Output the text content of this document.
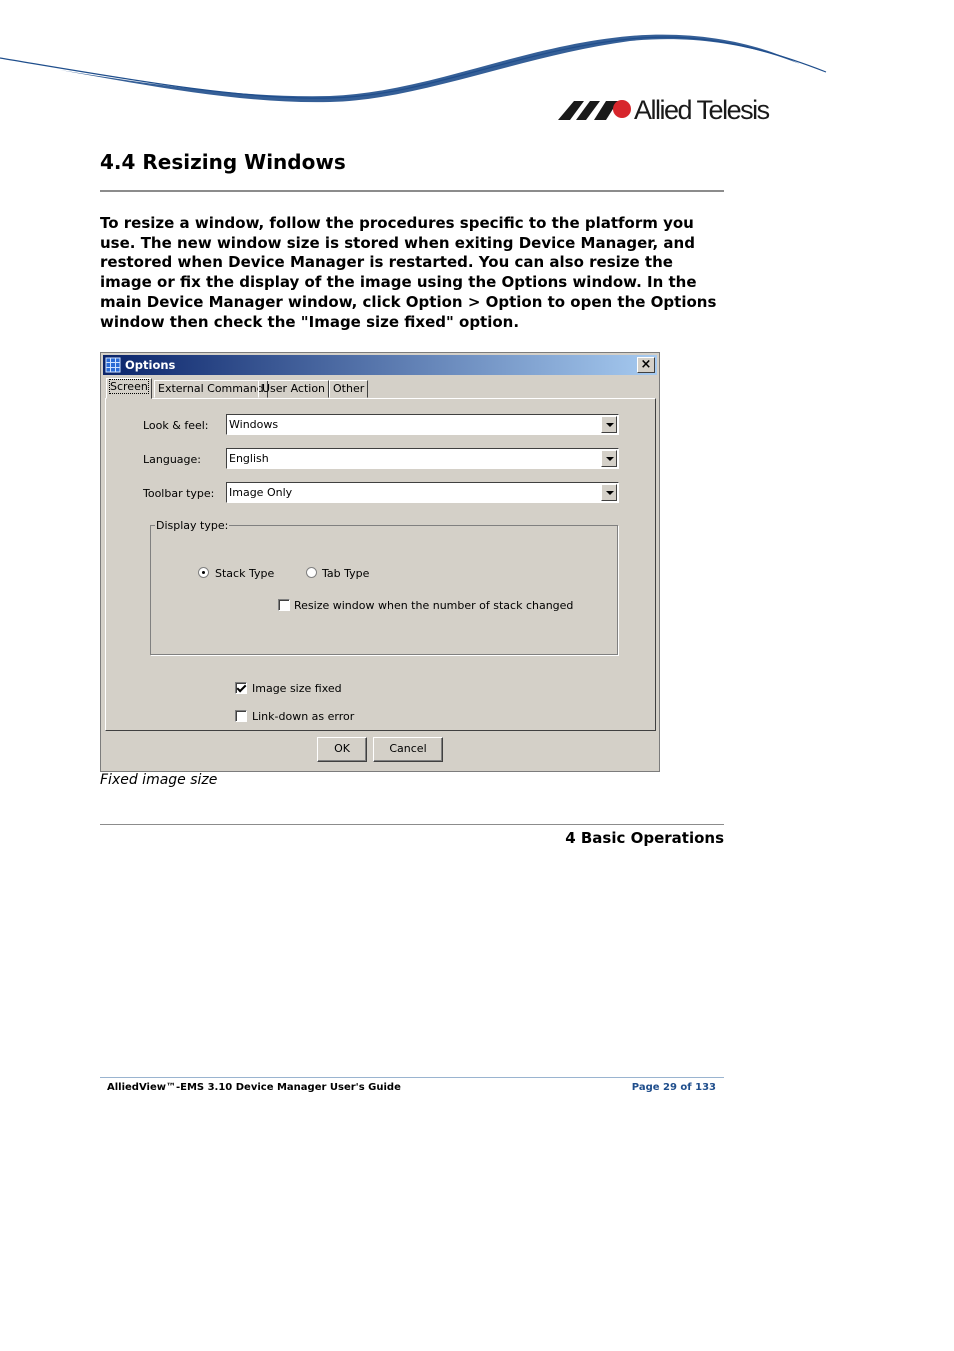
Allied Telesis
4.4 Resizing Windows
To resize a window, follow the procedures specific to the platform you use. The new window size is stored when exiting Device Manager, and restored when Device Manager is restarted. You can also resize the image or fix the display of the image using the Options window. In the main Device Manager window, click Option > Option to open the Options window then check the "Image size fixed" option.
Options	×
Screen External Command
User Action Other
Look & feel: Windows
Language:	English
Toolbar type: Image Only
Display type:
Stack Type	Tab Type
Resize window when the number of stack changed
Image size fixed
Link-down as error
OK	Cancel
Fixed image size
4 Basic Operations
AlliedView™-EMS 3.10 Device Manager User's Guide	Page 29 of 133
